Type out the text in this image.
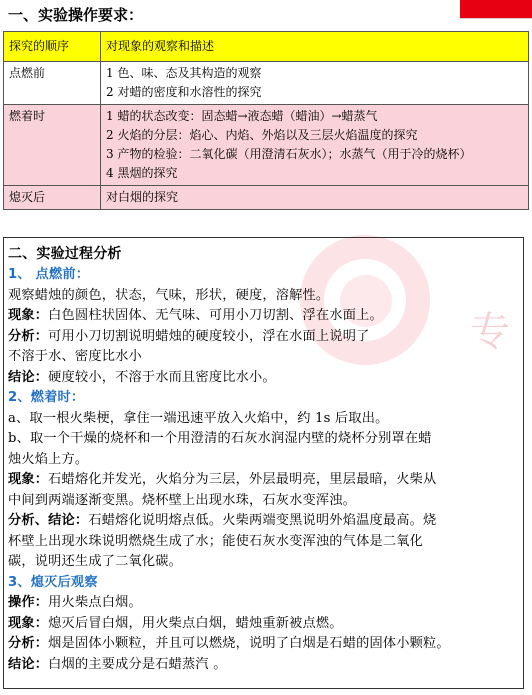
专
一、实验操作要求：
探究的顺序	对现象的观察和描述
点燃前	1 色、味、态及其构造的观察
2 对蜡的密度和水溶性的探究

燃着时	1 蜡的状态改变：固态蜡→液态蜡（蜡油）→蜡蒸气
2 火焰的分层：焰心、内焰、外焰以及三层火焰温度的探究
3 产物的检验：二氧化碳（用澄清石灰水）；水蒸气（用于冷的烧杯）
4 黑烟的探究

熄灭后	对白烟的探究

二、实验过程分析

1、 点燃前：

观察蜡烛的颜色，状态，气味，形状，硬度，溶解性。

现象：白色圆柱状固体、无气味、可用小刀切割、浮在水面上。

分析：可用小刀切割说明蜡烛的硬度较小，浮在水面上说明了

不溶于水、密度比水小

结论：硬度较小，不溶于水而且密度比水小。

2、燃着时：

a、取一根火柴梗，拿住一端迅速平放入火焰中，约 1s 后取出。

b、取一个干燥的烧杯和一个用澄清的石灰水润湿内壁的烧杯分别罩在蜡

烛火焰上方。

现象：石蜡熔化并发光，火焰分为三层，外层最明亮，里层最暗，火柴从

中间到两端逐渐变黑。烧杯壁上出现水珠，石灰水变浑浊。

分析、结论：石蜡熔化说明熔点低。火柴两端变黑说明外焰温度最高。烧

杯壁上出现水珠说明燃烧生成了水；能使石灰水变浑浊的气体是二氧化

碳，说明还生成了二氧化碳。

3、熄灭后观察

操作：用火柴点白烟。

现象：熄灭后冒白烟，用火柴点白烟，蜡烛重新被点燃。

分析：烟是固体小颗粒，并且可以燃烧，说明了白烟是石蜡的固体小颗粒。

结论：白烟的主要成分是石蜡蒸汽 。
